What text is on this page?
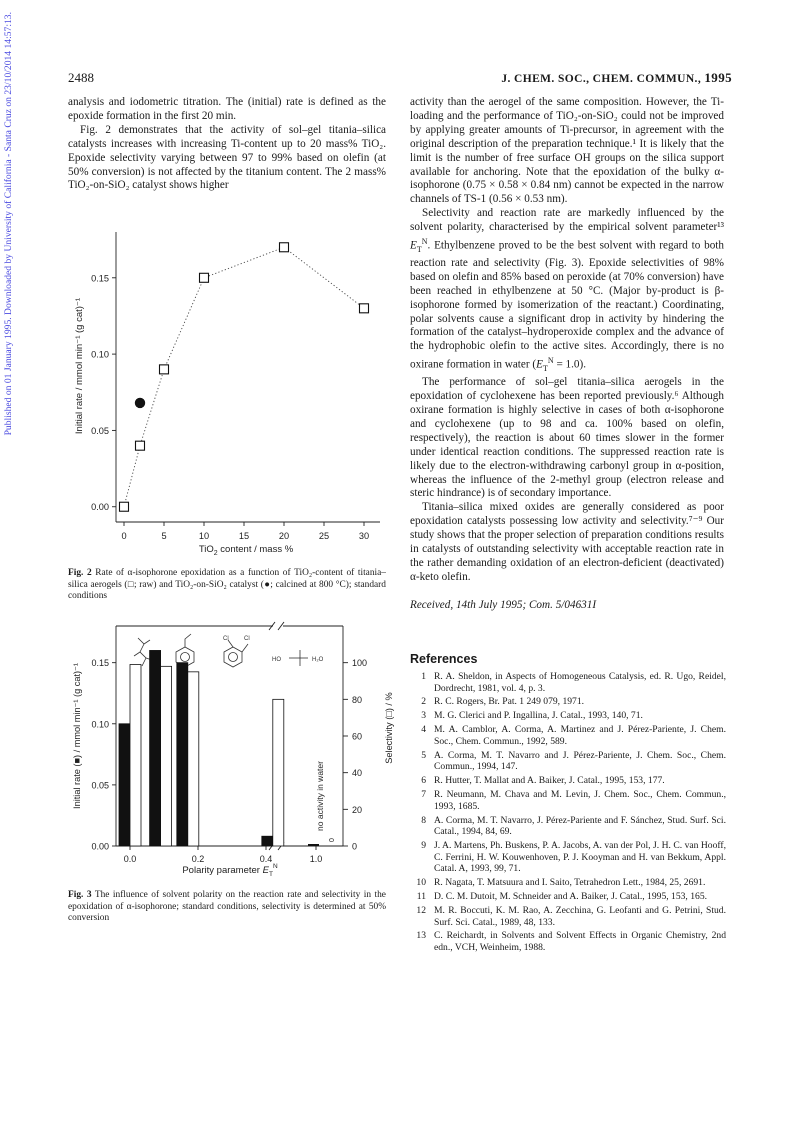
2488	J. CHEM. SOC., CHEM. COMMUN., 1995
Published on 01 January 1995. Downloaded by University of California - Santa Cruz on 23/10/2014 14:57:13.	analysis and iodometric titration. The (initial) rate is defined as the epoxide formation in the first 20 min.

Fig. 2 demonstrates that the activity of sol–gel titania–silica catalysts increases with increasing Ti-content up to 20 mass% TiO₂. Epoxide selectivity varying between 97 to 99% based on olefin (at 50% conversion) is not affected by the titanium content. The 2 mass% TiO₂-on-SiO₂ catalyst shows higher

0.00
0.05
0.10
0.15
0	5	10	15	20	25	30
Initial rate / mmol min⁻¹ (g cat)⁻¹
TiO$_2$ content / mass %
Fig. 2 Rate of α-isophorone epoxidation as a function of TiO₂-content of titania–silica aerogels (□; raw) and TiO₂-on-SiO₂ catalyst (●; calcined at 800 °C); standard conditions
Cl	Cl
HO	H₂O
0.00
0.05
0.10
0.15
0
20
40
60
80
100
0.0	0.2	0.4	1.0
no activity in water
0
Initial rate (■) / mmol min⁻¹ (g cat)⁻¹	Selectivity (□) / %
Polarity parameter $E_T^N$
Fig. 3 The influence of solvent polarity on the reaction rate and selectivity in the epoxidation of α-isophorone; standard conditions, selectivity is determined at 50% conversion

activity than the aerogel of the same composition. However, the Ti-loading and the performance of TiO₂-on-SiO₂ could not be improved by applying greater amounts of Ti-precursor, in agreement with the original description of the preparation technique.¹ It is likely that the limit is the number of free surface OH groups on the silica support available for anchoring. Note that the epoxidation of the bulky α-isophorone (0.75 × 0.58 × 0.84 nm) cannot be expected in the narrow channels of TS-1 (0.56 × 0.53 nm).

Selectivity and reaction rate are markedly influenced by the solvent polarity, characterised by the empirical solvent parameter¹³ $E_T^N$. Ethylbenzene proved to be the best solvent with regard to both reaction rate and selectivity (Fig. 3). Epoxide selectivities of 98% based on olefin and 85% based on peroxide (at 70% conversion) have been reached in ethylbenzene at 50 °C. (Major by-product is β-isophorone formed by isomerization of the reactant.) Coordinating, polar solvents cause a significant drop in activity by hindering the formation of the catalyst–hydroperoxide complex and the advance of the hydrophobic olefin to the active sites. Accordingly, there is no oxirane formation in water $(E_T^N = 1.0)$.

The performance of sol–gel titania–silica aerogels in the epoxidation of cyclohexene has been reported previously.⁶ Although oxirane formation is highly selective in cases of both α-isophorone and cyclohexene (up to 98 and ca. 100% based on olefin, respectively), the reaction is about 60 times slower in the former under identical reaction conditions. The suppressed reaction rate is likely due to the electron-withdrawing carbonyl group in α-position, whereas the influence of the 2-methyl group (electron release and steric hindrance) is of secondary importance.

Titania–silica mixed oxides are generally considered as poor epoxidation catalysts possessing low activity and selectivity.⁷⁻⁹ Our study shows that the proper selection of preparation conditions results in catalysts of outstanding selectivity with acceptable reaction rate in the rather demanding oxidation of an electron-deficient (deactivated) α-keto olefin.

Received, 14th July 1995; Com. 5/04631I
References
1 R. A. Sheldon, in Aspects of Homogeneous Catalysis, ed. R. Ugo, Reidel, Dordrecht, 1981, vol. 4, p. 3.
2 R. C. Rogers, Br. Pat. 1 249 079, 1971.
3 M. G. Clerici and P. Ingallina, J. Catal., 1993, 140, 71.
4 M. A. Camblor, A. Corma, A. Martinez and J. Pérez-Pariente, J. Chem. Soc., Chem. Commun., 1992, 589.
5 A. Corma, M. T. Navarro and J. Pérez-Pariente, J. Chem. Soc., Chem. Commun., 1994, 147.
6 R. Hutter, T. Mallat and A. Baiker, J. Catal., 1995, 153, 177.
7 R. Neumann, M. Chava and M. Levin, J. Chem. Soc., Chem. Commun., 1993, 1685.
8 A. Corma, M. T. Navarro, J. Pérez-Pariente and F. Sánchez, Stud. Surf. Sci. Catal., 1994, 84, 69.
9 J. A. Martens, Ph. Buskens, P. A. Jacobs, A. van der Pol, J. H. C. van Hooff, C. Ferrini, H. W. Kouwenhoven, P. J. Kooyman and H. van Bekkum, Appl. Catal. A, 1993, 99, 71.
10 R. Nagata, T. Matsuura and I. Saito, Tetrahedron Lett., 1984, 25, 2691.
11 D. C. M. Dutoit, M. Schneider and A. Baiker, J. Catal., 1995, 153, 165.
12 M. R. Boccuti, K. M. Rao, A. Zecchina, G. Leofanti and G. Petrini, Stud. Surf. Sci. Catal., 1989, 48, 133.
13 C. Reichardt, in Solvents and Solvent Effects in Organic Chemistry, 2nd edn., VCH, Weinheim, 1988.
